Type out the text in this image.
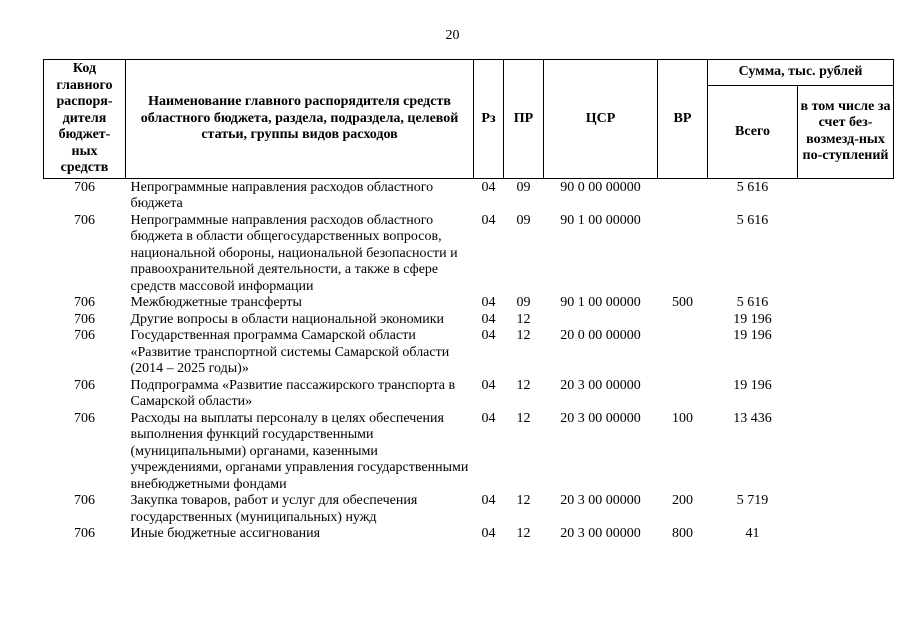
20
Код главного распоря-дителя бюджет-ных средств	Наименование главного распорядителя средств областного бюджета, раздела, подраздела, целевой статьи, группы видов расходов	Рз	ПР	ЦСР	ВР	Сумма, тыс. рублей	
						Всего	в том числе за счет без-возмезд-ных по-ступлений
706	Непрограммные направления расходов областного бюджета	04	09	90 0 00 00000		5 616	
706	Непрограммные направления расходов областного бюджета в области общегосударственных вопросов, национальной обороны, национальной безопасности и правоохранительной деятельности, а также в сфере средств массовой информации	04	09	90 1 00 00000		5 616	
706	Межбюджетные трансферты	04	09	90 1 00 00000	500	5 616	
706	Другие вопросы в области национальной экономики	04	12			19 196	
706	Государственная программа Самарской области «Развитие транспортной системы Самарской области (2014 – 2025 годы)»	04	12	20 0 00 00000		19 196	
706	Подпрограмма «Развитие пассажирского транспорта в Самарской области»	04	12	20 3 00 00000		19 196	
706	Расходы на выплаты персоналу в целях обеспечения выполнения функций государственными (муниципальными) органами, казенными учреждениями, органами управления государственными внебюджетными фондами	04	12	20 3 00 00000	100	13 436	
706	Закупка товаров, работ и услуг для обеспечения государственных (муниципальных) нужд	04	12	20 3 00 00000	200	5 719	
706	Иные бюджетные ассигнования	04	12	20 3 00 00000	800	41	
